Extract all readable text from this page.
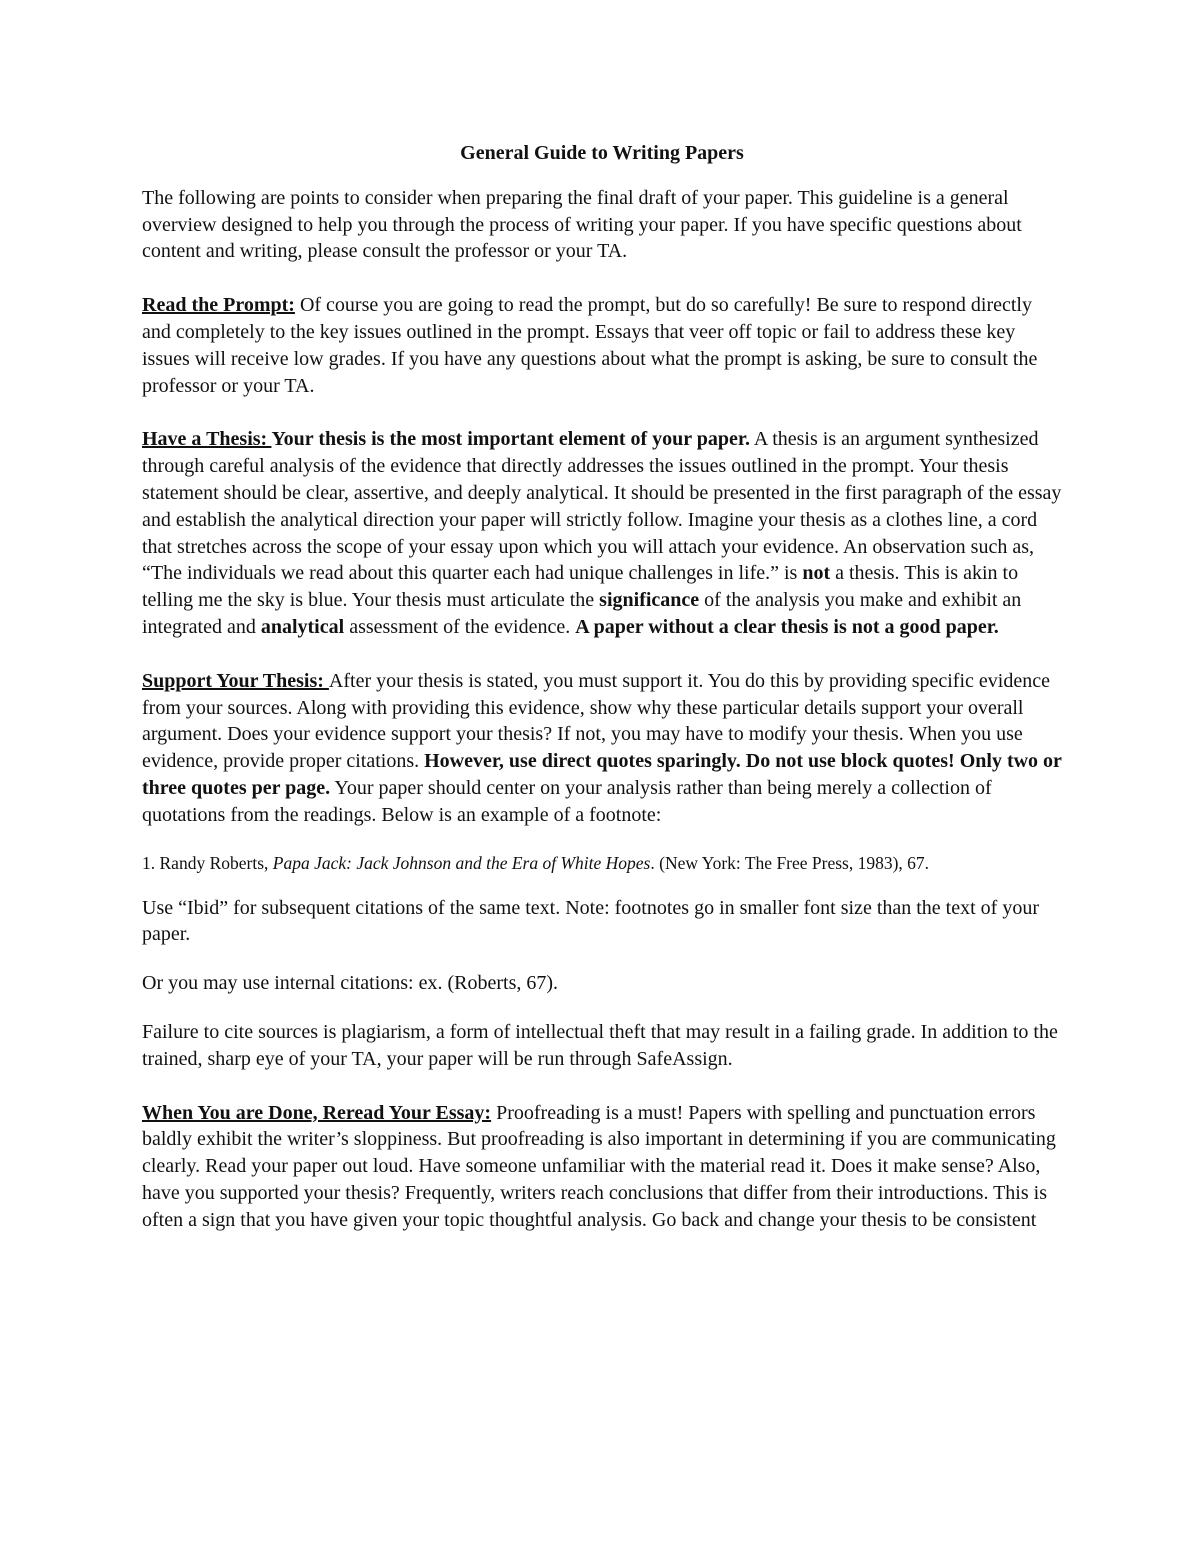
General Guide to Writing Papers

The following are points to consider when preparing the final draft of your paper. This guideline is a general overview designed to help you through the process of writing your paper. If you have specific questions about content and writing, please consult the professor or your TA.

Read the Prompt: Of course you are going to read the prompt, but do so carefully! Be sure to respond directly and completely to the key issues outlined in the prompt. Essays that veer off topic or fail to address these key issues will receive low grades. If you have any questions about what the prompt is asking, be sure to consult the professor or your TA.

Have a Thesis: Your thesis is the most important element of your paper. A thesis is an argument synthesized through careful analysis of the evidence that directly addresses the issues outlined in the prompt. Your thesis statement should be clear, assertive, and deeply analytical. It should be presented in the first paragraph of the essay and establish the analytical direction your paper will strictly follow. Imagine your thesis as a clothes line, a cord that stretches across the scope of your essay upon which you will attach your evidence. An observation such as, “The individuals we read about this quarter each had unique challenges in life.” is not a thesis. This is akin to telling me the sky is blue. Your thesis must articulate the significance of the analysis you make and exhibit an integrated and analytical assessment of the evidence. A paper without a clear thesis is not a good paper.

Support Your Thesis: After your thesis is stated, you must support it. You do this by providing specific evidence from your sources. Along with providing this evidence, show why these particular details support your overall argument. Does your evidence support your thesis? If not, you may have to modify your thesis. When you use evidence, provide proper citations. However, use direct quotes sparingly. Do not use block quotes! Only two or three quotes per page. Your paper should center on your analysis rather than being merely a collection of quotations from the readings. Below is an example of a footnote:

1. Randy Roberts, Papa Jack: Jack Johnson and the Era of White Hopes. (New York: The Free Press, 1983), 67.

Use “Ibid” for subsequent citations of the same text. Note: footnotes go in smaller font size than the text of your paper.

Or you may use internal citations: ex. (Roberts, 67).

Failure to cite sources is plagiarism, a form of intellectual theft that may result in a failing grade. In addition to the trained, sharp eye of your TA, your paper will be run through SafeAssign.

When You are Done, Reread Your Essay: Proofreading is a must! Papers with spelling and punctuation errors baldly exhibit the writer’s sloppiness. But proofreading is also important in determining if you are communicating clearly. Read your paper out loud. Have someone unfamiliar with the material read it. Does it make sense? Also, have you supported your thesis? Frequently, writers reach conclusions that differ from their introductions. This is often a sign that you have given your topic thoughtful analysis. Go back and change your thesis to be consistent
